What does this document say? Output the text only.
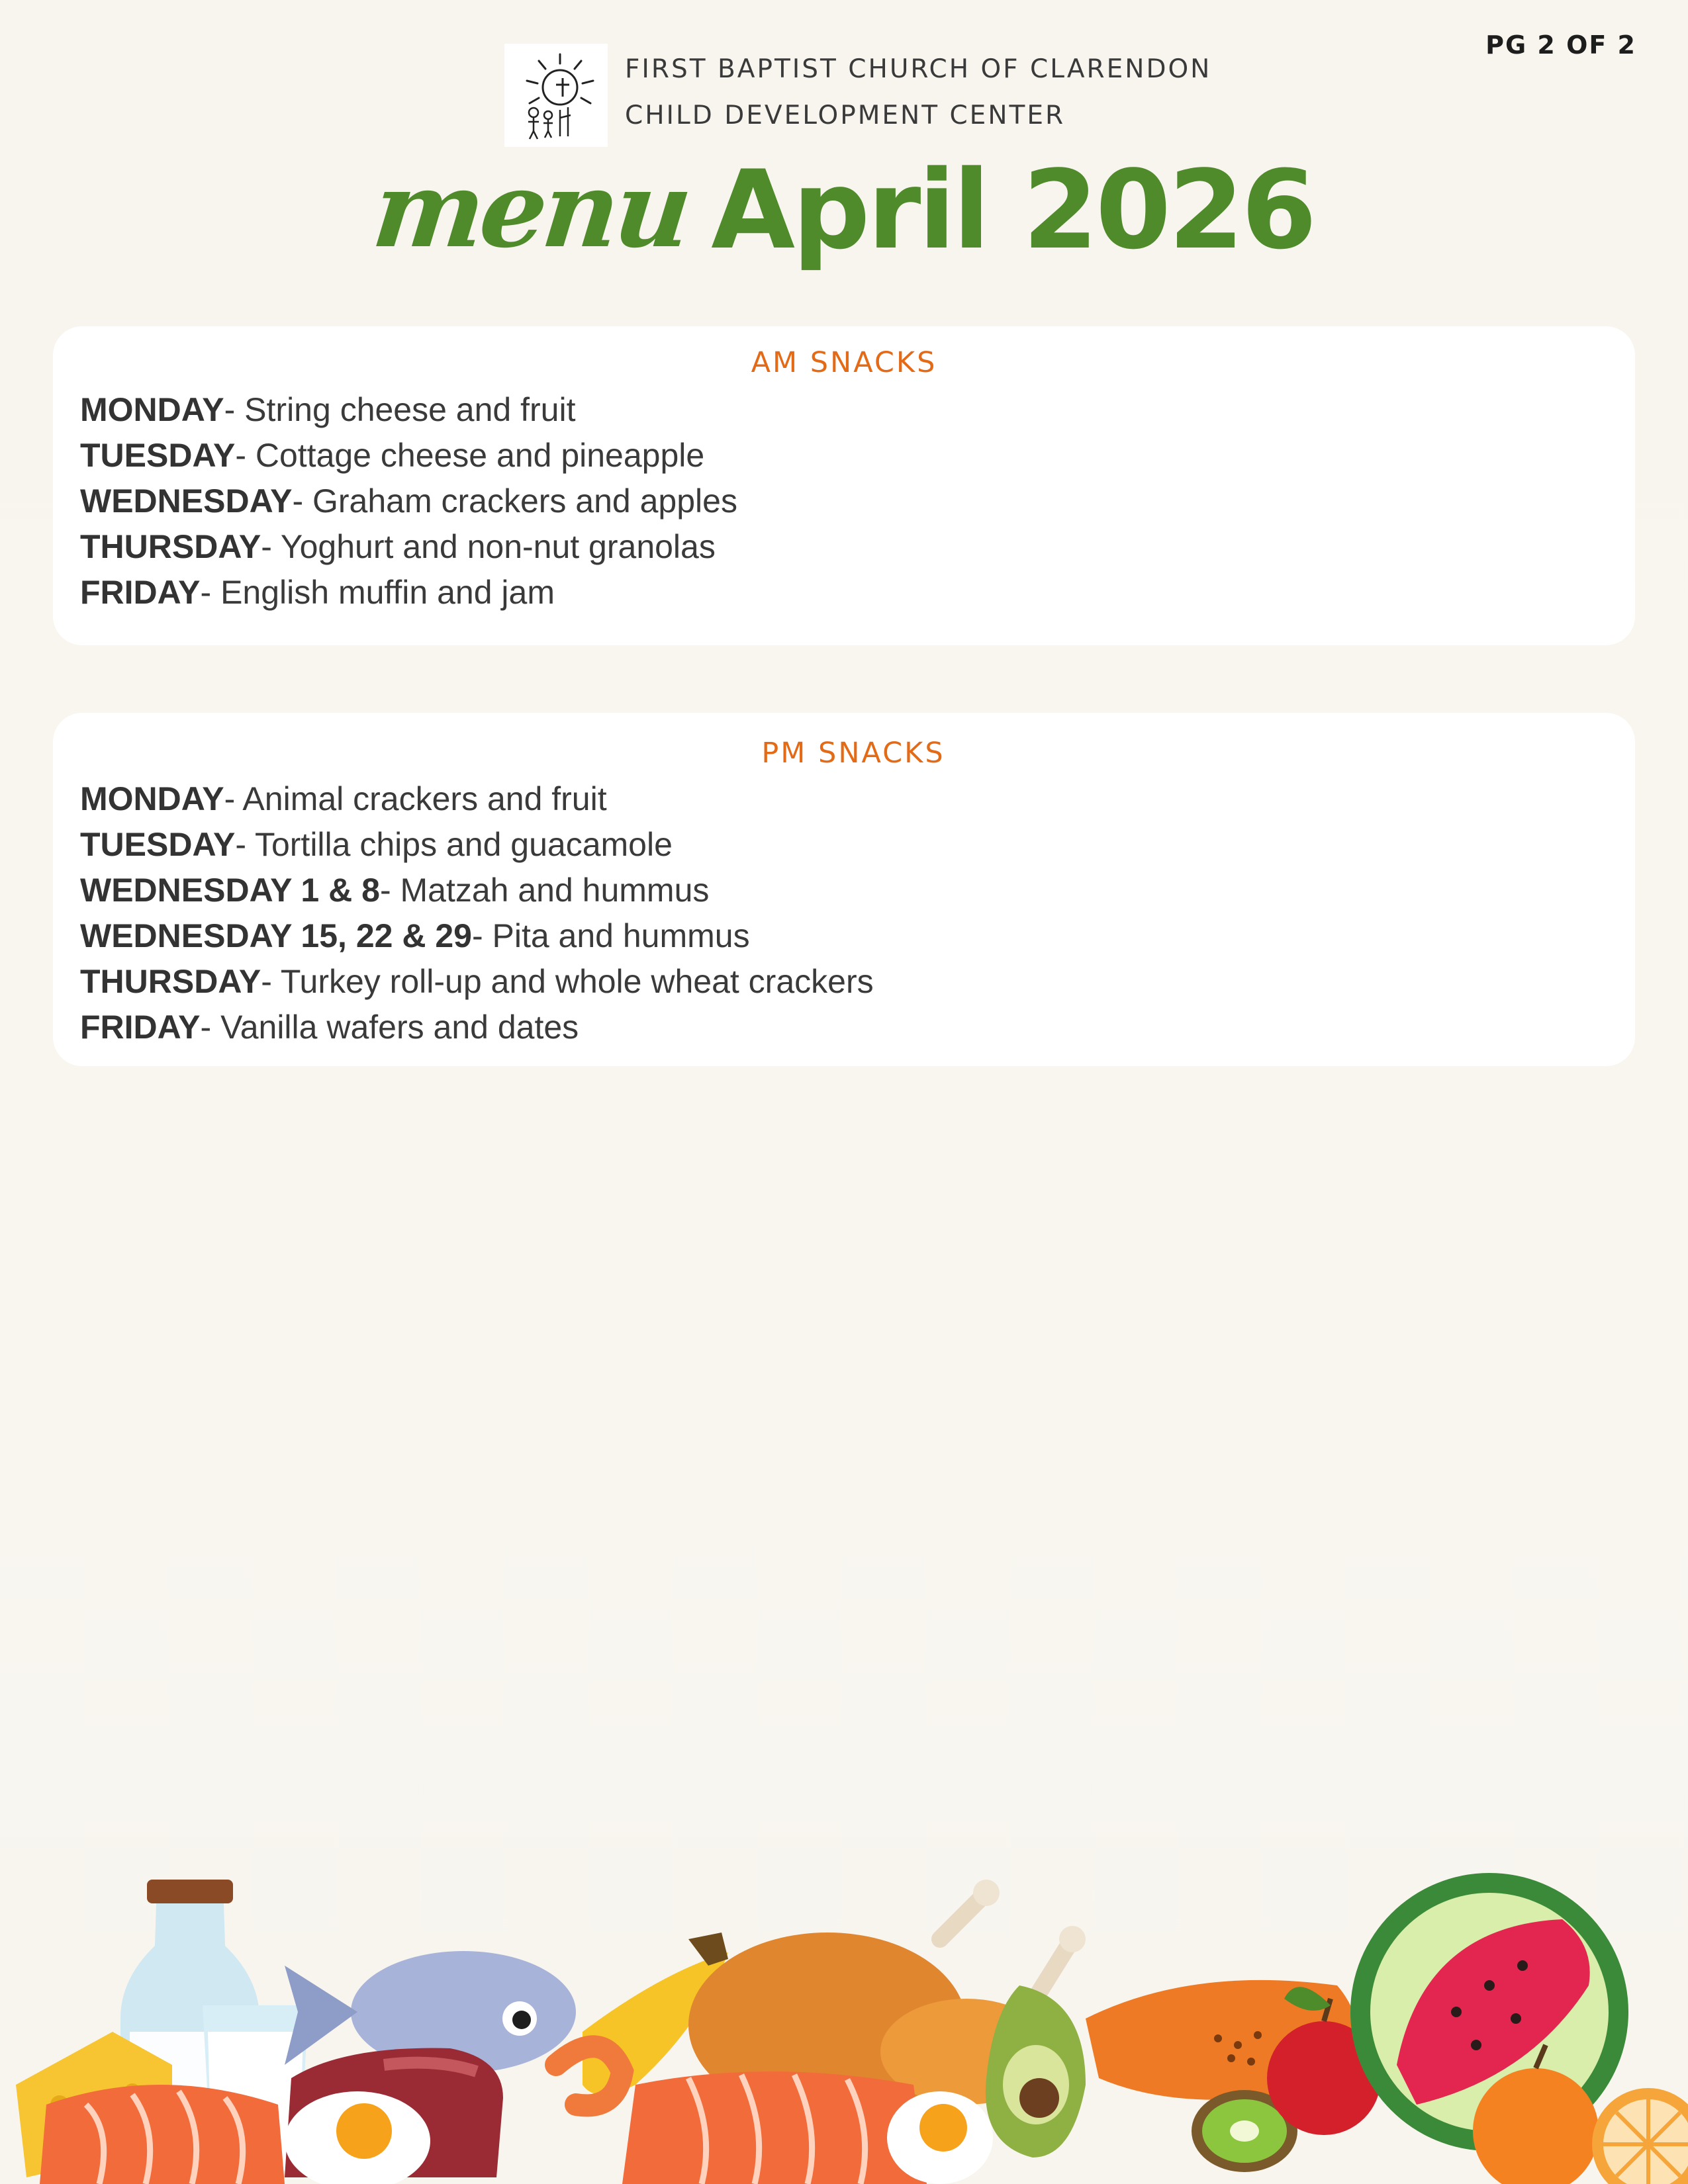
PG 2 OF 2
FIRST BAPTIST CHURCH OF CLARENDON
CHILD DEVELOPMENT CENTER
menu April 2026
AM SNACKS
MONDAY- String cheese and fruit
TUESDAY- Cottage cheese and pineapple
WEDNESDAY- Graham crackers and apples
THURSDAY- Yoghurt and non-nut granolas
FRIDAY- English muffin and jam
PM SNACKS
MONDAY- Animal crackers and fruit
TUESDAY- Tortilla chips and guacamole
WEDNESDAY 1 & 8- Matzah and hummus
WEDNESDAY 15, 22 & 29- Pita and hummus
THURSDAY- Turkey roll-up and whole wheat crackers
FRIDAY- Vanilla wafers and dates
